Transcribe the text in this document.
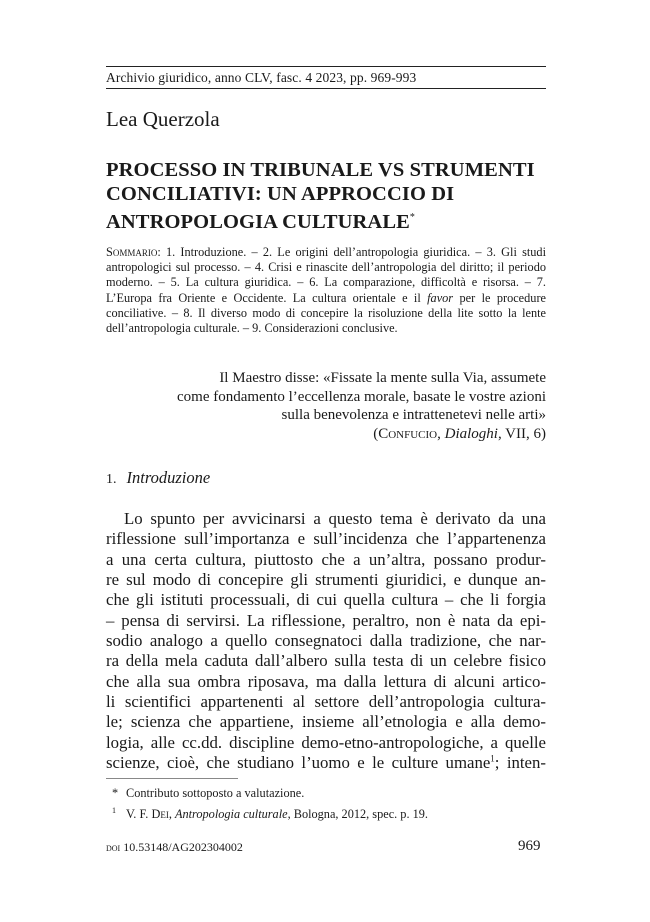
Archivio giuridico, anno CLV, fasc. 4 2023, pp. 969-993
Lea Querzola
PROCESSO IN TRIBUNALE VS STRUMENTI
CONCILIATIVI: UN APPROCCIO DI
ANTROPOLOGIA CULTURALE*
Sommario: 1. Introduzione. – 2. Le origini dell’antropologia giuridica. – 3. Gli studi antropologici sul processo. – 4. Crisi e rinascite dell’antropologia del diritto; il periodo moderno. – 5. La cultura giuridica. – 6. La comparazione, difficoltà e risorsa. – 7. L’Europa fra Oriente e Occidente. La cultura orientale e il favor per le procedure conciliative. – 8. Il diverso modo di concepire la risoluzione della lite sotto la lente dell’antropologia culturale. – 9. Considerazioni conclusive.
Il Maestro disse: «Fissate la mente sulla Via, assumete
come fondamento l’eccellenza morale, basate le vostre azioni
sulla benevolenza e intrattenetevi nelle arti»
(Confucio, Dialoghi, VII, 6)
1. Introduzione
Lo spunto per avvicinarsi a questo tema è derivato da una
riflessione sull’importanza e sull’incidenza che l’appartenenza
a una certa cultura, piuttosto che a un’altra, possano produr-
re sul modo di concepire gli strumenti giuridici, e dunque an-
che gli istituti processuali, di cui quella cultura – che li forgia
– pensa di servirsi. La riflessione, peraltro, non è nata da epi-
sodio analogo a quello consegnatoci dalla tradizione, che nar-
ra della mela caduta dall’albero sulla testa di un celebre fisico
che alla sua ombra riposava, ma dalla lettura di alcuni artico-
li scientifici appartenenti al settore dell’antropologia cultura-
le; scienza che appartiene, insieme all’etnologia e alla demo-
logia, alle cc.dd. discipline demo-etno-antropologiche, a quelle
scienze, cioè, che studiano l’uomo e le culture umane$^1$; inten-
* Contributo sottoposto a valutazione.
1 V. F. Dei, Antropologia culturale, Bologna, 2012, spec. p. 19.
doi 10.53148/AG202304002	969
